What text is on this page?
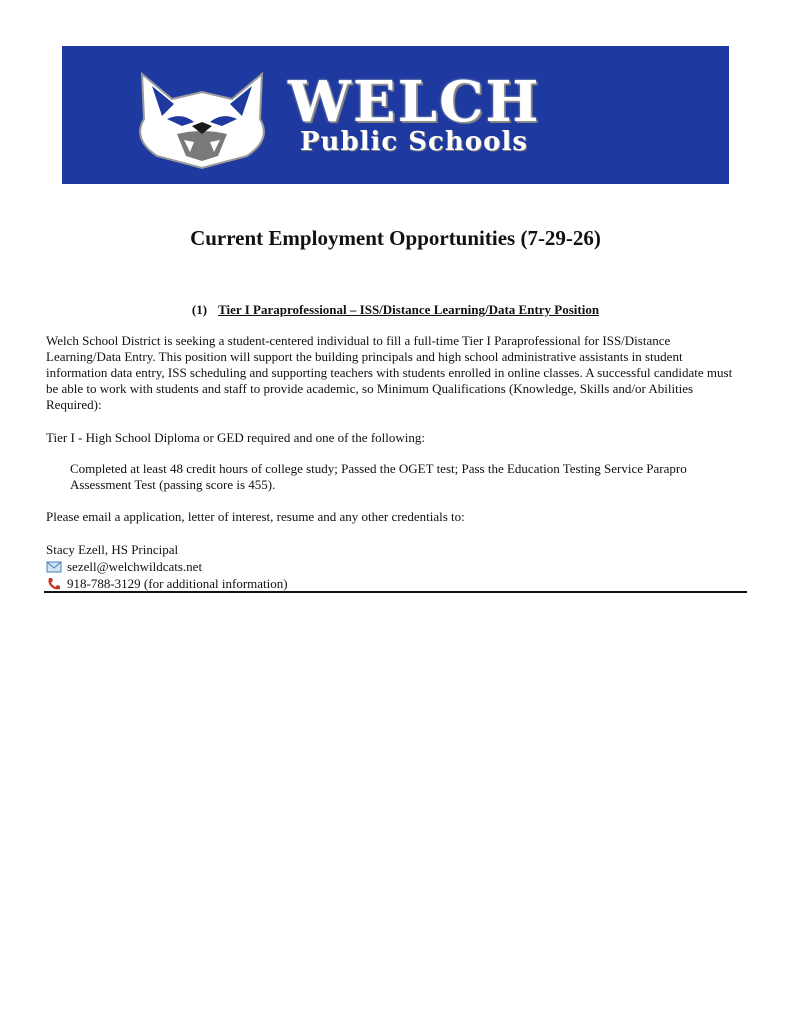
WELCH
Public Schools
Current Employment Opportunities (7-29-26)
(1) Tier I Paraprofessional – ISS/Distance Learning/Data Entry Position
Welch School District is seeking a student-centered individual to fill a full-time Tier I Paraprofessional for ISS/Distance Learning/Data Entry. This position will support the building principals and high school administrative assistants in student information data entry, ISS scheduling and supporting teachers with students enrolled in online classes. A successful candidate must be able to work with students and staff to provide academic, so Minimum Qualifications (Knowledge, Skills and/or Abilities Required):
Tier I - High School Diploma or GED required and one of the following:
Completed at least 48 credit hours of college study; Passed the OGET test; Pass the Education Testing Service Parapro Assessment Test (passing score is 455).
Please email a application, letter of interest, resume and any other credentials to:
Stacy Ezell, HS Principal
sezell@welchwildcats.net
918-788-3129 (for additional information)
